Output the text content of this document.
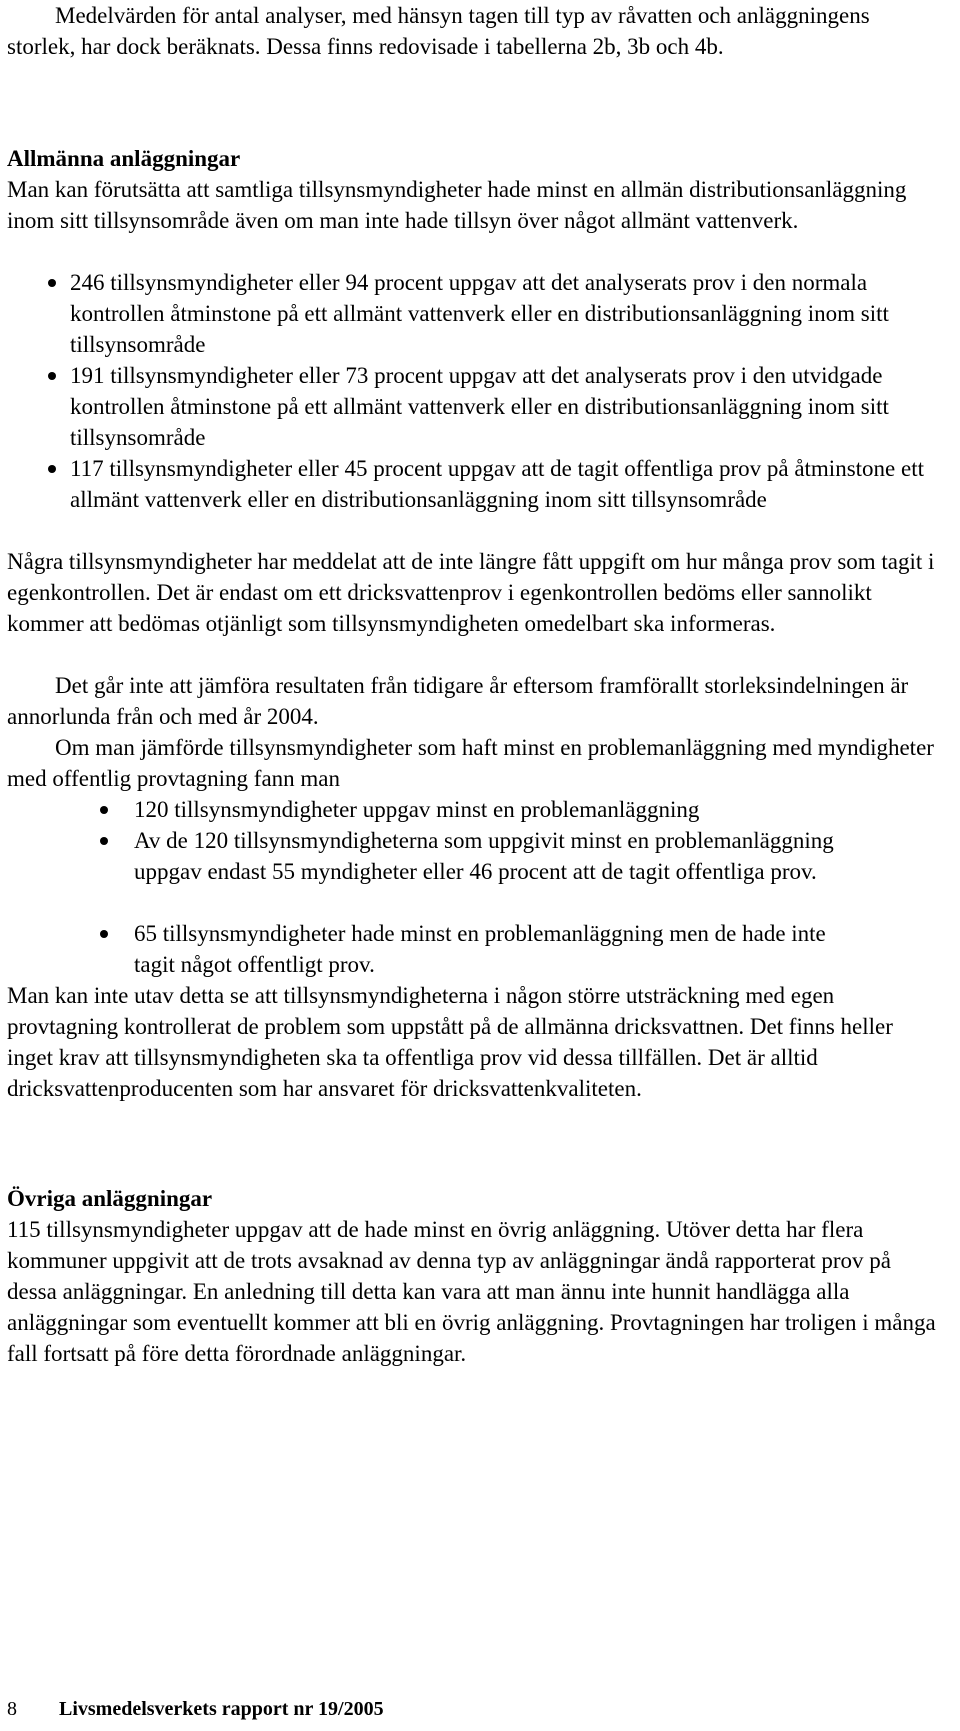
Medelvärden för antal analyser, med hänsyn tagen till typ av råvatten och anläggningens storlek, har dock beräknats. Dessa finns redovisade i tabellerna 2b, 3b och 4b.

Allmänna anläggningar

Man kan förutsätta att samtliga tillsynsmyndigheter hade minst en allmän distributionsanläggning inom sitt tillsynsområde även om man inte hade tillsyn över något allmänt vattenverk.

246 tillsynsmyndigheter eller 94 procent uppgav att det analyserats prov i den normala kontrollen åtminstone på ett allmänt vattenverk eller en distributionsanläggning inom sitt tillsynsområde
191 tillsynsmyndigheter eller 73 procent uppgav att det analyserats prov i den utvidgade kontrollen åtminstone på ett allmänt vattenverk eller en distributionsanläggning inom sitt tillsynsområde
117 tillsynsmyndigheter eller 45 procent uppgav att de tagit offentliga prov på åtminstone ett allmänt vattenverk eller en distributionsanläggning inom sitt tillsynsområde

Några tillsynsmyndigheter har meddelat att de inte längre fått uppgift om hur många prov som tagit i egenkontrollen. Det är endast om ett dricksvattenprov i egenkontrollen bedöms eller sannolikt kommer att bedömas otjänligt som tillsynsmyndigheten omedelbart ska informeras.

Det går inte att jämföra resultaten från tidigare år eftersom framförallt storleksindelningen är annorlunda från och med år 2004.

Om man jämförde tillsynsmyndigheter som haft minst en problemanläggning med myndigheter med offentlig provtagning fann man

120 tillsynsmyndigheter uppgav minst en problemanläggning
Av de 120 tillsynsmyndigheterna som uppgivit minst en problemanläggning uppgav endast 55 myndigheter eller 46 procent att de tagit offentliga prov.
65 tillsynsmyndigheter hade minst en problemanläggning men de hade inte tagit något offentligt prov.

Man kan inte utav detta se att tillsynsmyndigheterna i någon större utsträckning med egen provtagning kontrollerat de problem som uppstått på de allmänna dricksvattnen. Det finns heller inget krav att tillsynsmyndigheten ska ta offentliga prov vid dessa tillfällen. Det är alltid dricksvattenproducenten som har ansvaret för dricksvattenkvaliteten.

Övriga anläggningar

115 tillsynsmyndigheter uppgav att de hade minst en övrig anläggning. Utöver detta har flera kommuner uppgivit att de trots avsaknad av denna typ av anläggningar ändå rapporterat prov på dessa anläggningar. En anledning till detta kan vara att man ännu inte hunnit handlägga alla anläggningar som eventuellt kommer att bli en övrig anläggning. Provtagningen har troligen i många fall fortsatt på före detta förordnade anläggningar.

8 Livsmedelsverkets rapport nr 19/2005
